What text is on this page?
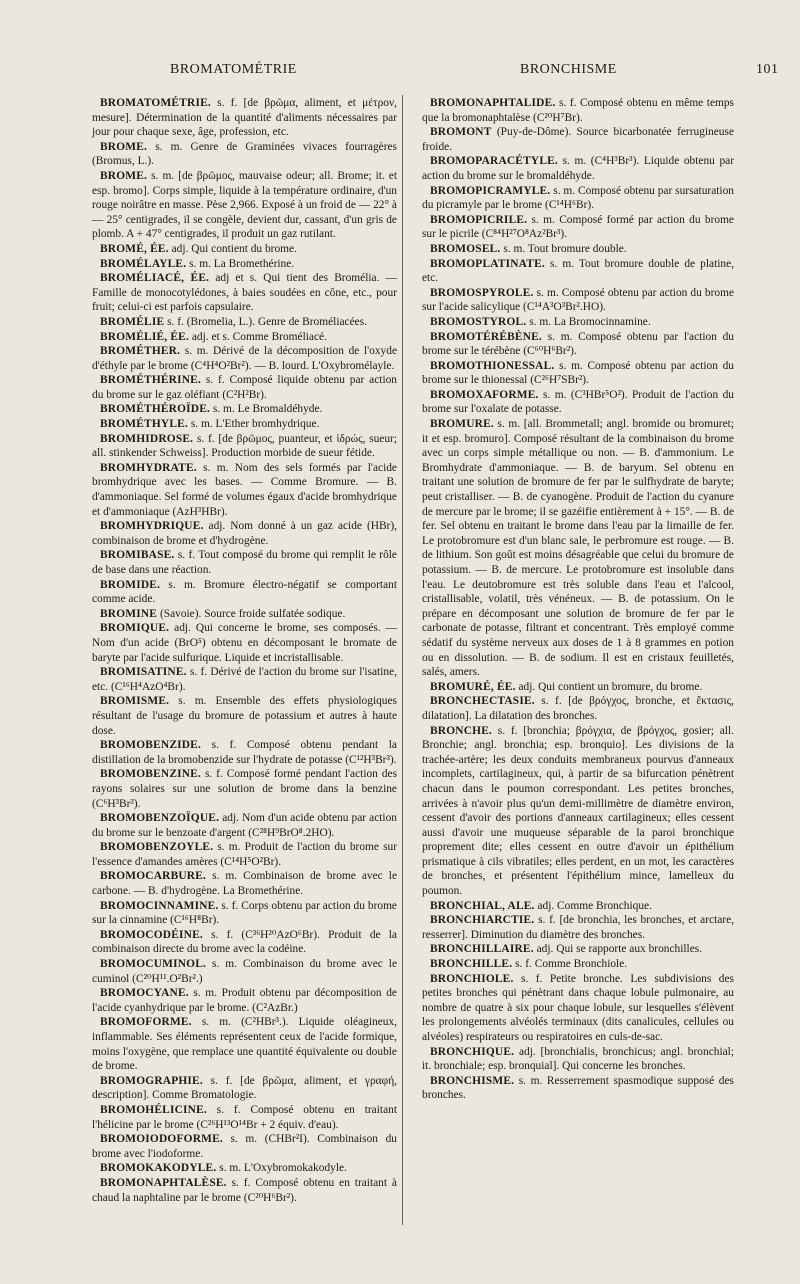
BROMATOMÉTRIE	BRONCHISME	101

BROMATOMÉTRIE. s. f. [de βρῶμα, aliment, et μέτρον, mesure]. Détermination de la quantité d'aliments nécessaires par jour pour chaque sexe, âge, profession, etc.

BROME. s. m. Genre de Graminées vivaces fourragères (Bromus, L.).

BROME. s. m. [de βρῶμος, mauvaise odeur; all. Brome; it. et esp. bromo]. Corps simple, liquide à la température ordinaire, d'un rouge noirâtre en masse. Pèse 2,966. Exposé à un froid de — 22° à — 25° centigrades, il se congèle, devient dur, cassant, d'un gris de plomb. A + 47° centigrades, il produit un gaz rutilant.

BROMÉ, ÉE. adj. Qui contient du brome.

BROMÉLAYLE. s. m. La Bromethérine.

BROMÉLIACÉ, ÉE. adj et s. Qui tient des Bromélia. — Famille de monocotylédones, à baies soudées en cône, etc., pour fruit; celui-ci est parfois capsulaire.

BROMÉLIE s. f. (Bromelia, L.). Genre de Broméliacées.

BROMÉLIÉ, ÉE. adj. et s. Comme Broméliacé.

BROMÉTHER. s. m. Dérivé de la décomposition de l'oxyde d'éthyle par le brome (C⁴H⁴O²Br²). — B. lourd. L'Oxybromélayle.

BROMÉTHÉRINE. s. f. Composé liquide obtenu par action du brome sur le gaz oléfiant (C²H²Br).

BROMÉTHÉROÏDE. s. m. Le Bromaldéhyde.

BROMÉTHYLE. s. m. L'Ether bromhydrique.

BROMHIDROSE. s. f. [de βρῶμος, puanteur, et ἱδρώς, sueur; all. stinkender Schweiss]. Production morbide de sueur fétide.

BROMHYDRATE. s. m. Nom des sels formés par l'acide bromhydrique avec les bases. — Comme Bromure. — B. d'ammoniaque. Sel formé de volumes égaux d'acide bromhydrique et d'ammoniaque (AzH³HBr).

BROMHYDRIQUE. adj. Nom donné à un gaz acide (HBr), combinaison de brome et d'hydrogène.

BROMIBASE. s. f. Tout composé du brome qui remplit le rôle de base dans une réaction.

BROMIDE. s. m. Bromure électro-négatif se comportant comme acide.

BROMINE (Savoie). Source froide sulfatée sodique.

BROMIQUE. adj. Qui concerne le brome, ses composés. — Nom d'un acide (BrO⁵) obtenu en décomposant le bromate de baryte par l'acide sulfurique. Liquide et incristallisable.

BROMISATINE. s. f. Dérivé de l'action du brome sur l'isatine, etc. (C¹⁶H⁴AzO⁴Br).

BROMISME. s. m. Ensemble des effets physiologiques résultant de l'usage du bromure de potassium et autres à haute dose.

BROMOBENZIDE. s. f. Composé obtenu pendant la distillation de la bromobenzide sur l'hydrate de potasse (C¹²H³Br³).

BROMOBENZINE. s. f. Composé formé pendant l'action des rayons solaires sur une solution de brome dans la benzine (C⁶H³Br³).

BROMOBENZOÏQUE. adj. Nom d'un acide obtenu par action du brome sur le benzoate d'argent (C²⁸H⁹BrO⁸.2HO).

BROMOBENZOYLE. s. m. Produit de l'action du brome sur l'essence d'amandes amères (C¹⁴H⁵O²Br).

BROMOCARBURE. s. m. Combinaison de brome avec le carbone. — B. d'hydrogène. La Bromethérine.

BROMOCINNAMINE. s. f. Corps obtenu par action du brome sur la cinnamine (C¹⁶H⁸Br).

BROMOCODÉINE. s. f. (C³⁶H²⁰AzO⁶Br). Produit de la combinaison directe du brome avec la codéine.

BROMOCUMINOL. s. m. Combinaison du brome avec le cuminol (C²⁰H¹¹.O²Br².)

BROMOCYANE. s. m. Produit obtenu par décomposition de l'acide cyanhydrique par le brome. (C²AzBr.)

BROMOFORME. s. m. (C²HBr³.). Liquide oléagineux, inflammable. Ses éléments représentent ceux de l'acide formique, moins l'oxygène, que remplace une quantité équivalente ou double de brome.

BROMOGRAPHIE. s. f. [de βρῶμα, aliment, et γραφή, description]. Comme Bromatologie.

BROMOHÉLICINE. s. f. Composé obtenu en traitant l'hélicine par le brome (C²⁶H¹³O¹⁴Br + 2 équiv. d'eau).

BROMOIODOFORME. s. m. (CHBr²I). Combinaison du brome avec l'iodoforme.

BROMOKAKODYLE. s. m. L'Oxybromokakodyle.

BROMONAPHTALÈSE. s. f. Composé obtenu en traitant à chaud la naphtaline par le brome (C²⁰H⁶Br²).

BROMONAPHTALIDE. s. f. Composé obtenu en même temps que la bromonaphtalèse (C²⁰H⁷Br).

BROMONT (Puy-de-Dôme). Source bicarbonatée ferrugineuse froide.

BROMOPARACÉTYLE. s. m. (C⁴H³Br³). Liquide obtenu par action du brome sur le bromaldéhyde.

BROMOPICRAMYLE. s. m. Composé obtenu par sursaturation du picramyle par le brome (C¹⁴H⁶Br).

BROMOPICRILE. s. m. Composé formé par action du brome sur le picrile (C⁸⁴H²⁷O⁸Az²Br³).

BROMOSEL. s. m. Tout bromure double.

BROMOPLATINATE. s. m. Tout bromure double de platine, etc.

BROMOSPYROLE. s. m. Composé obtenu par action du brome sur l'acide salicylique (C¹⁴A³O³Br².HO).

BROMOSTYROL. s. m. La Bromocinnamine.

BROMOTÉRÉBÈNE. s. m. Composé obtenu par l'action du brome sur le térébène (C⁶⁰H⁶Br²).

BROMOTHIONESSAL. s. m. Composé obtenu par action du brome sur le thionessal (C²⁶H⁷SBr²).

BROMOXAFORME. s. m. (C³HBr⁵O²). Produit de l'action du brome sur l'oxalate de potasse.

BROMURE. s. m. [all. Brommetall; angl. bromide ou bromuret; it et esp. bromuro]. Composé résultant de la combinaison du brome avec un corps simple métallique ou non. — B. d'ammonium. Le Bromhydrate d'ammoniaque. — B. de baryum. Sel obtenu en traitant une solution de bromure de fer par le sulfhydrate de baryte; peut cristalliser. — B. de cyanogène. Produit de l'action du cyanure de mercure par le brome; il se gazéifie entièrement à + 15°. — B. de fer. Sel obtenu en traitant le brome dans l'eau par la limaille de fer. Le protobromure est d'un blanc sale, le perbromure est rouge. — B. de lithium. Son goût est moins désagréable que celui du bromure de potassium. — B. de mercure. Le protobromure est insoluble dans l'eau. Le deutobromure est très soluble dans l'eau et l'alcool, cristallisable, volatil, très vénéneux. — B. de potassium. On le prépare en décomposant une solution de bromure de fer par le carbonate de potasse, filtrant et concentrant. Très employé comme sédatif du système nerveux aux doses de 1 à 8 grammes en potion ou en dissolution. — B. de sodium. Il est en cristaux feuilletés, salés, amers.

BROMURÉ, ÉE. adj. Qui contient un bromure, du brome.

BRONCHECTASIE. s. f. [de βρόγχος, bronche, et ἔκτασις, dilatation]. La dilatation des bronches.

BRONCHE. s. f. [bronchia; βρόγχια, de βρόγχος, gosier; all. Bronchie; angl. bronchia; esp. bronquio]. Les divisions de la trachée-artère; les deux conduits membraneux pourvus d'anneaux incomplets, cartilagineux, qui, à partir de sa bifurcation pénètrent chacun dans le poumon correspondant. Les petites bronches, arrivées à n'avoir plus qu'un demi-millimètre de diamètre environ, cessent d'avoir des portions d'anneaux cartilagineux; elles cessent aussi d'avoir une muqueuse séparable de la paroi bronchique proprement dite; elles cessent en outre d'avoir un épithélium prismatique à cils vibratiles; elles perdent, en un mot, les caractères de bronches, et présentent l'épithélium mince, lamelleux du poumon.

BRONCHIAL, ALE. adj. Comme Bronchique.

BRONCHIARCTIE. s. f. [de bronchia, les bronches, et arctare, resserrer]. Diminution du diamètre des bronches.

BRONCHILLAIRE. adj. Qui se rapporte aux bronchilles.

BRONCHILLE. s. f. Comme Bronchiole.

BRONCHIOLE. s. f. Petite bronche. Les subdivisions des petites bronches qui pénètrant dans chaque lobule pulmonaire, au nombre de quatre à six pour chaque lobule, sur lesquelles s'élèvent les prolongements alvéolés terminaux (dits canalicules, cellules ou alvéoles) respirateurs ou respiratoires en culs-de-sac.

BRONCHIQUE. adj. [bronchialis, bronchicus; angl. bronchial; it. bronchiale; esp. bronquial]. Qui concerne les bronches.

BRONCHISME. s. m. Resserrement spasmodique supposé des bronches.
